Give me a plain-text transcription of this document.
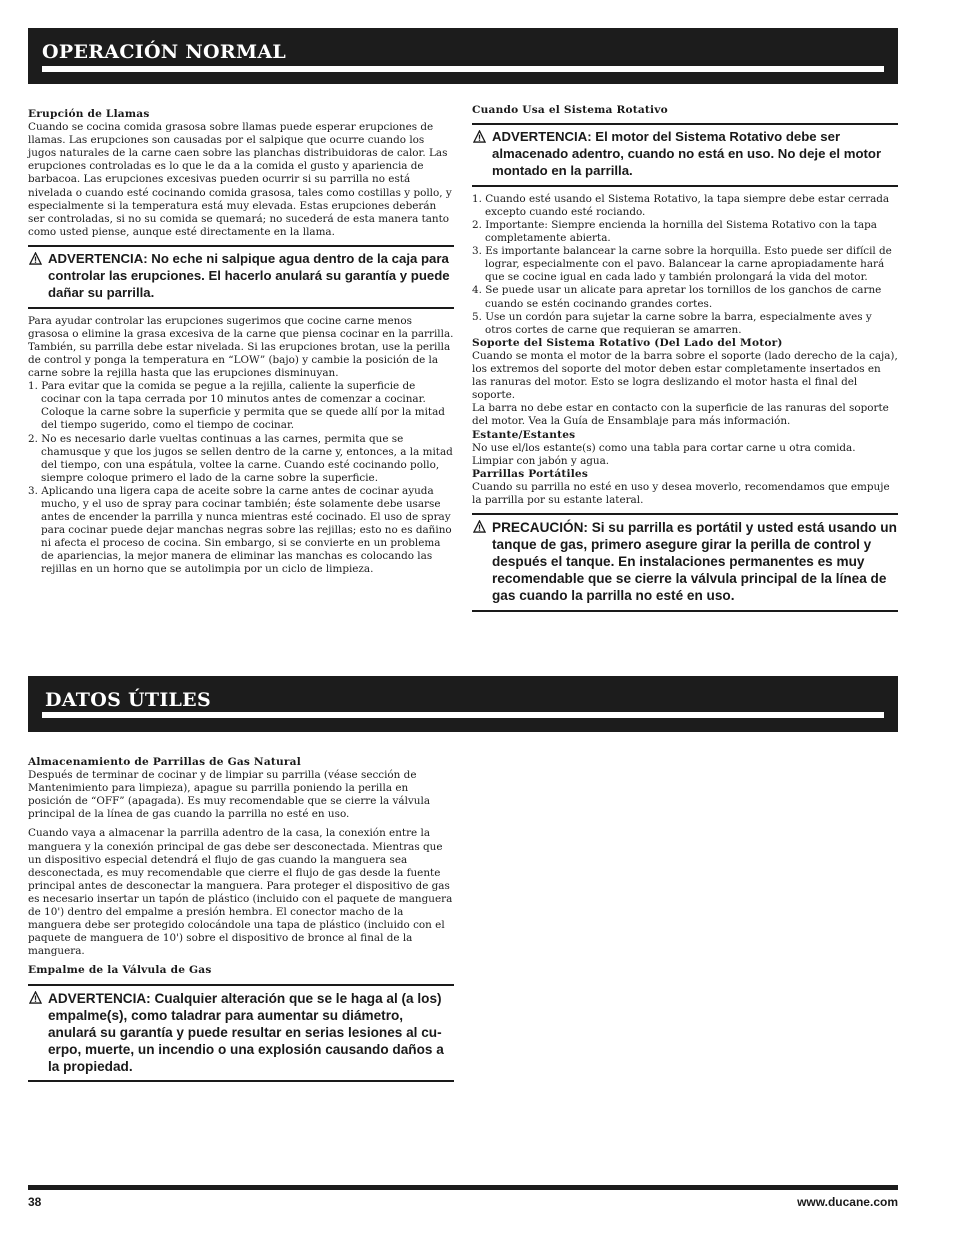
OPERACIÓN NORMAL

Erupción de Llamas

Cuando se cocina comida grasosa sobre llamas puede esperar erupciones de llamas. Las erupciones son causadas por el salpique que ocurre cuando los jugos naturales de la carne caen sobre las planchas distribuidoras de calor. Las erupciones controladas es lo que le da a la comida el gusto y apariencia de barbacoa. Las erupciones excesivas pueden ocurrir si su parrilla no está nivelada o cuando esté cocinando comida grasosa, tales como costillas y pollo, y especialmente si la temperatura está muy elevada. Estas erupciones deberán ser controladas, si no su comida se quemará; no sucederá de esta manera tanto como usted piense, aunque esté directamente en la llama.

ADVERTENCIA: No eche ni salpique agua dentro de la caja para controlar las erupciones. El hacerlo anulará su garantía y puede dañar su parrilla.

Para ayudar controlar las erupciones sugerimos que cocine carne menos grasosa o elimine la grasa excesiva de la carne que piensa cocinar en la parrilla. También, su parrilla debe estar nivelada. Si las erupciones brotan, use la perilla de control y ponga la temperatura en “LOW” (bajo) y cambie la posición de la carne sobre la rejilla hasta que las erupciones disminuyan.

1. Para evitar que la comida se pegue a la rejilla, caliente la superficie de cocinar con la tapa cerrada por 10 minutos antes de comenzar a cocinar. Coloque la carne sobre la superficie y permita que se quede allí por la mitad del tiempo sugerido, como el tiempo de cocinar.
2. No es necesario darle vueltas continuas a las carnes, permita que se chamusque y que los jugos se sellen dentro de la carne y, entonces, a la mitad del tiempo, con una espátula, voltee la carne. Cuando esté cocinando pollo, siempre coloque primero el lado de la carne sobre la superficie.
3. Aplicando una ligera capa de aceite sobre la carne antes de cocinar ayuda mucho, y el uso de spray para cocinar también; éste solamente debe usarse antes de encender la parrilla y nunca mientras esté cocinado. El uso de spray para cocinar puede dejar manchas negras sobre las rejillas; esto no es dañino ni afecta el proceso de cocina. Sin embargo, si se convierte en un problema de apariencias, la mejor manera de eliminar las manchas es colocando las rejillas en un horno que se autolimpia por un ciclo de limpieza.

Cuando Usa el Sistema Rotativo

ADVERTENCIA: El motor del Sistema Rotativo debe ser almacenado adentro, cuando no está en uso. No deje el motor montado en la parrilla.
1. Cuando esté usando el Sistema Rotativo, la tapa siempre debe estar cerrada excepto cuando esté rociando.
2. Importante: Siempre encienda la hornilla del Sistema Rotativo con la tapa completamente abierta.
3. Es importante balancear la carne sobre la horquilla. Esto puede ser difícil de lograr, especialmente con el pavo. Balancear la carne apropiadamente hará que se cocine igual en cada lado y también prolongará la vida del motor.
4. Se puede usar un alicate para apretar los tornillos de los ganchos de carne cuando se estén cocinando grandes cortes.
5. Use un cordón para sujetar la carne sobre la barra, especialmente aves y otros cortes de carne que requieran se amarren.

Soporte del Sistema Rotativo (Del Lado del Motor)

Cuando se monta el motor de la barra sobre el soporte (lado derecho de la caja), los extremos del soporte del motor deben estar completamente insertados en las ranuras del motor. Esto se logra deslizando el motor hasta el final del soporte.

La barra no debe estar en contacto con la superficie de las ranuras del soporte del motor. Vea la Guía de Ensamblaje para más información.

Estante/Estantes

No use el/los estante(s) como una tabla para cortar carne u otra comida. Limpiar con jabón y agua.

Parrillas Portátiles

Cuando su parrilla no esté en uso y desea moverlo, recomendamos que empuje la parrilla por su estante lateral.

PRECAUCIÓN: Si su parrilla es portátil y usted está usando un tanque de gas, primero asegure girar la perilla de control y después el tanque. En instalaciones permanentes es muy recomendable que se cierre la válvula principal de la línea de gas cuando la parrilla no esté en uso.
DATOS ÚTILES

Almacenamiento de Parrillas de Gas Natural

Después de terminar de cocinar y de limpiar su parrilla (véase sección de Mantenimiento para limpieza), apague su parrilla poniendo la perilla en posición de “OFF” (apagada). Es muy recomendable que se cierre la válvula principal de la línea de gas cuando la parrilla no esté en uso.

Cuando vaya a almacenar la parrilla adentro de la casa, la conexión entre la manguera y la conexión principal de gas debe ser desconectada. Mientras que un dispositivo especial detendrá el flujo de gas cuando la manguera sea desconectada, es muy recomendable que cierre el flujo de gas desde la fuente principal antes de desconectar la manguera. Para proteger el dispositivo de gas es necesario insertar un tapón de plástico (incluido con el paquete de manguera de 10') dentro del empalme a presión hembra. El conector macho de la manguera debe ser protegido colocándole una tapa de plástico (incluido con el paquete de manguera de 10') sobre el dispositivo de bronce al final de la manguera.

Empalme de la Válvula de Gas

ADVERTENCIA: Cualquier alteración que se le haga al (a los) empalme(s), como taladrar para aumentar su diámetro, anulará su garantía y puede resultar en serias lesiones al cuerpo, muerte, un incendio o una explosión causando daños a la propiedad.
38	www.ducane.com
